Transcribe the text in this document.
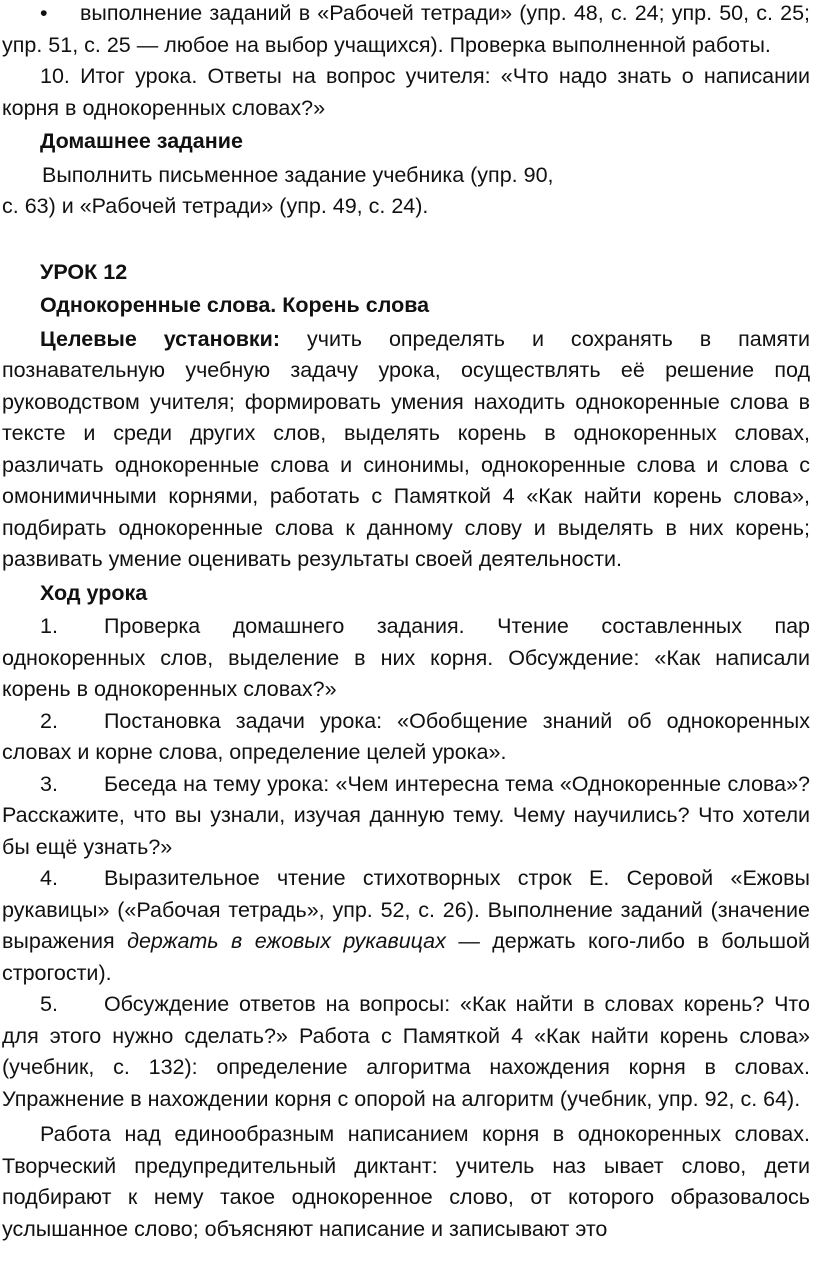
• выполнение заданий в «Рабочей тетради» (упр. 48, с. 24; упр. 50, с. 25; упр. 51, с. 25 — любое на выбор учащихся). Проверка выполненной работы.

10. Итог урока. Ответы на вопрос учителя: «Что надо знать о написании корня в однокоренных словах?»

Домашнее задание

Выполнить письменное задание учебника (упр. 90,

с. 63) и «Рабочей тетради» (упр. 49, с. 24).

УРОК 12
Однокоренные слова. Корень слова

Целевые установки: учить определять и сохранять в памяти познавательную учебную задачу урока, осуществлять её решение под руководством учителя; формировать умения находить однокоренные слова в тексте и среди других слов, выделять корень в однокоренных словах, различать однокоренные слова и синонимы, однокоренные слова и слова с омонимичными корнями, работать с Памяткой 4 «Как найти корень слова», подбирать однокоренные слова к данному слову и выделять в них корень; развивать умение оценивать результаты своей деятельности.

Ход урока

1. Проверка домашнего задания. Чтение составленных пар однокоренных слов, выделение в них корня. Обсуждение: «Как написали корень в однокоренных словах?»

2. Постановка задачи урока: «Обобщение знаний об однокоренных словах и корне слова, определение целей урока».

3. Беседа на тему урока: «Чем интересна тема «Однокоренные слова»? Расскажите, что вы узнали, изучая данную тему. Чему научились? Что хотели бы ещё узнать?»

4. Выразительное чтение стихотворных строк Е. Серовой «Ежовы рукавицы» («Рабочая тетрадь», упр. 52, с. 26). Выполнение заданий (значение выражения держать в ежовых рукавицах — держать кого-либо в большой строгости).

5. Обсуждение ответов на вопросы: «Как найти в словах корень? Что для этого нужно сделать?» Работа с Памяткой 4 «Как найти корень слова» (учебник, с. 132): определение алгоритма нахождения корня в словах. Упражнение в нахождении корня с опорой на алгоритм (учебник, упр. 92, с. 64).

Работа над единообразным написанием корня в однокоренных словах. Творческий предупредительный диктант: учитель наз ывает слово, дети подбирают к нему такое однокоренное слово, от которого образовалось услышанное слово; объясняют написание и записывают это
